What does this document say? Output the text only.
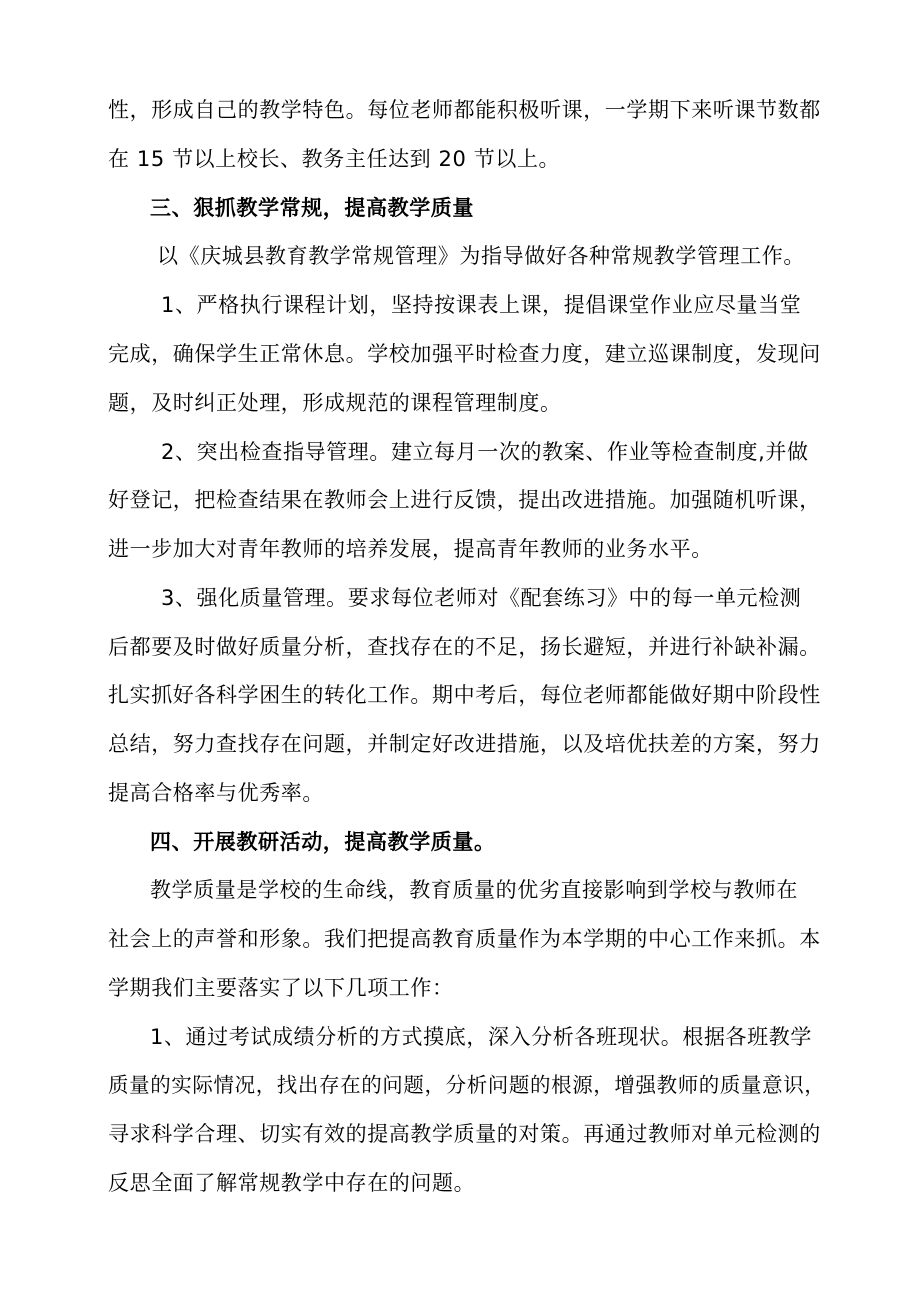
性，形成自己的教学特色。每位老师都能积极听课，一学期下来听课节数都
在 15 节以上校长、教务主任达到 20 节以上。
三、狠抓教学常规，提高教学质量
以《庆城县教育教学常规管理》为指导做好各种常规教学管理工作。
1、严格执行课程计划，坚持按课表上课，提倡课堂作业应尽量当堂
完成，确保学生正常休息。学校加强平时检查力度，建立巡课制度，发现问
题，及时纠正处理，形成规范的课程管理制度。
2、突出检查指导管理。建立每月一次的教案、作业等检查制度,并做
好登记，把检查结果在教师会上进行反馈，提出改进措施。加强随机听课，
进一步加大对青年教师的培养发展，提高青年教师的业务水平。
3、强化质量管理。要求每位老师对《配套练习》中的每一单元检测
后都要及时做好质量分析，查找存在的不足，扬长避短，并进行补缺补漏。
扎实抓好各科学困生的转化工作。期中考后，每位老师都能做好期中阶段性
总结，努力查找存在问题，并制定好改进措施，以及培优扶差的方案，努力
提高合格率与优秀率。
四、开展教研活动，提高教学质量。
教学质量是学校的生命线，教育质量的优劣直接影响到学校与教师在
社会上的声誉和形象。我们把提高教育质量作为本学期的中心工作来抓。本
学期我们主要落实了以下几项工作：
1、通过考试成绩分析的方式摸底，深入分析各班现状。根据各班教学
质量的实际情况，找出存在的问题，分析问题的根源，增强教师的质量意识，
寻求科学合理、切实有效的提高教学质量的对策。再通过教师对单元检测的
反思全面了解常规教学中存在的问题。
